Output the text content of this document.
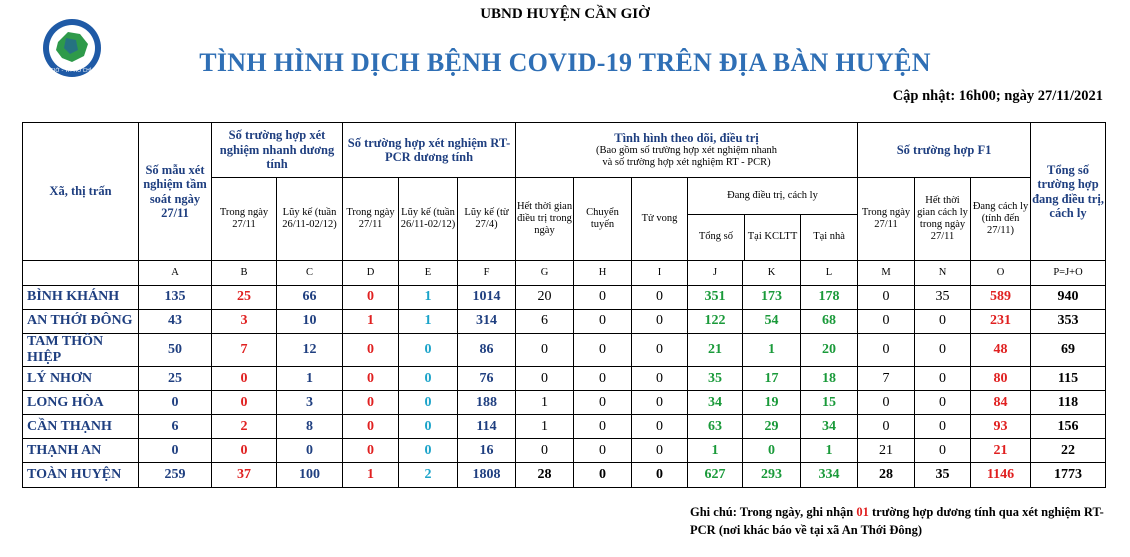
CẦN GIỜ - TP. HỒ CHÍ MINH
UBND HUYỆN CẦN GIỜ
TÌNH HÌNH DỊCH BỆNH COVID-19 TRÊN ĐỊA BÀN HUYỆN
Cập nhật: 16h00; ngày 27/11/2021
Xã, thị trấn	Số mẫu xét nghiệm tầm soát ngày 27/11	Số trường hợp xét nghiệm nhanh dương tính	Số trường hợp xét nghiệm RT-PCR dương tính	
Tình hình theo dõi, điều trị
(Bao gồm số trường hợp xét nghiệm nhanh
và số trường hợp xét nghiệm RT - PCR)
	Số trường hợp F1	Tổng số trường hợp đang điều trị, cách ly
Trong ngày 27/11	Lũy kế (tuần 26/11-02/12)	Trong ngày 27/11	Lũy kế (tuần 26/11-02/12)	Lũy kế (từ 27/4)	Hết thời gian điều trị trong ngày	Chuyển tuyến	Tử vong	
Đang điều trị, cách ly
Tổng số	Tại KCLTT	Tại nhà
	Trong ngày 27/11	Hết thời gian cách ly trong ngày 27/11	Đang cách ly (tính đến 27/11)
	A	B	C	D	E	F	G	H	I	J	K	L	M	N	O	P=J+O
BÌNH KHÁNH	135	25	66	0	1	1014	20	0	0	351	173	178	0	35	589	940
AN THỚI ĐÔNG	43	3	10	1	1	314	6	0	0	122	54	68	0	0	231	353
TAM THÔN HIỆP	50	7	12	0	0	86	0	0	0	21	1	20	0	0	48	69
LÝ NHƠN	25	0	1	0	0	76	0	0	0	35	17	18	7	0	80	115
LONG HÒA	0	0	3	0	0	188	1	0	0	34	19	15	0	0	84	118
CẦN THẠNH	6	2	8	0	0	114	1	0	0	63	29	34	0	0	93	156
THẠNH AN	0	0	0	0	0	16	0	0	0	1	0	1	21	0	21	22
TOÀN HUYỆN	259	37	100	1	2	1808	28	0	0	627	293	334	28	35	1146	1773
Ghi chú: Trong ngày, ghi nhận 01 trường hợp dương tính qua xét nghiệm RT-PCR (nơi khác báo về tại xã An Thới Đông)
